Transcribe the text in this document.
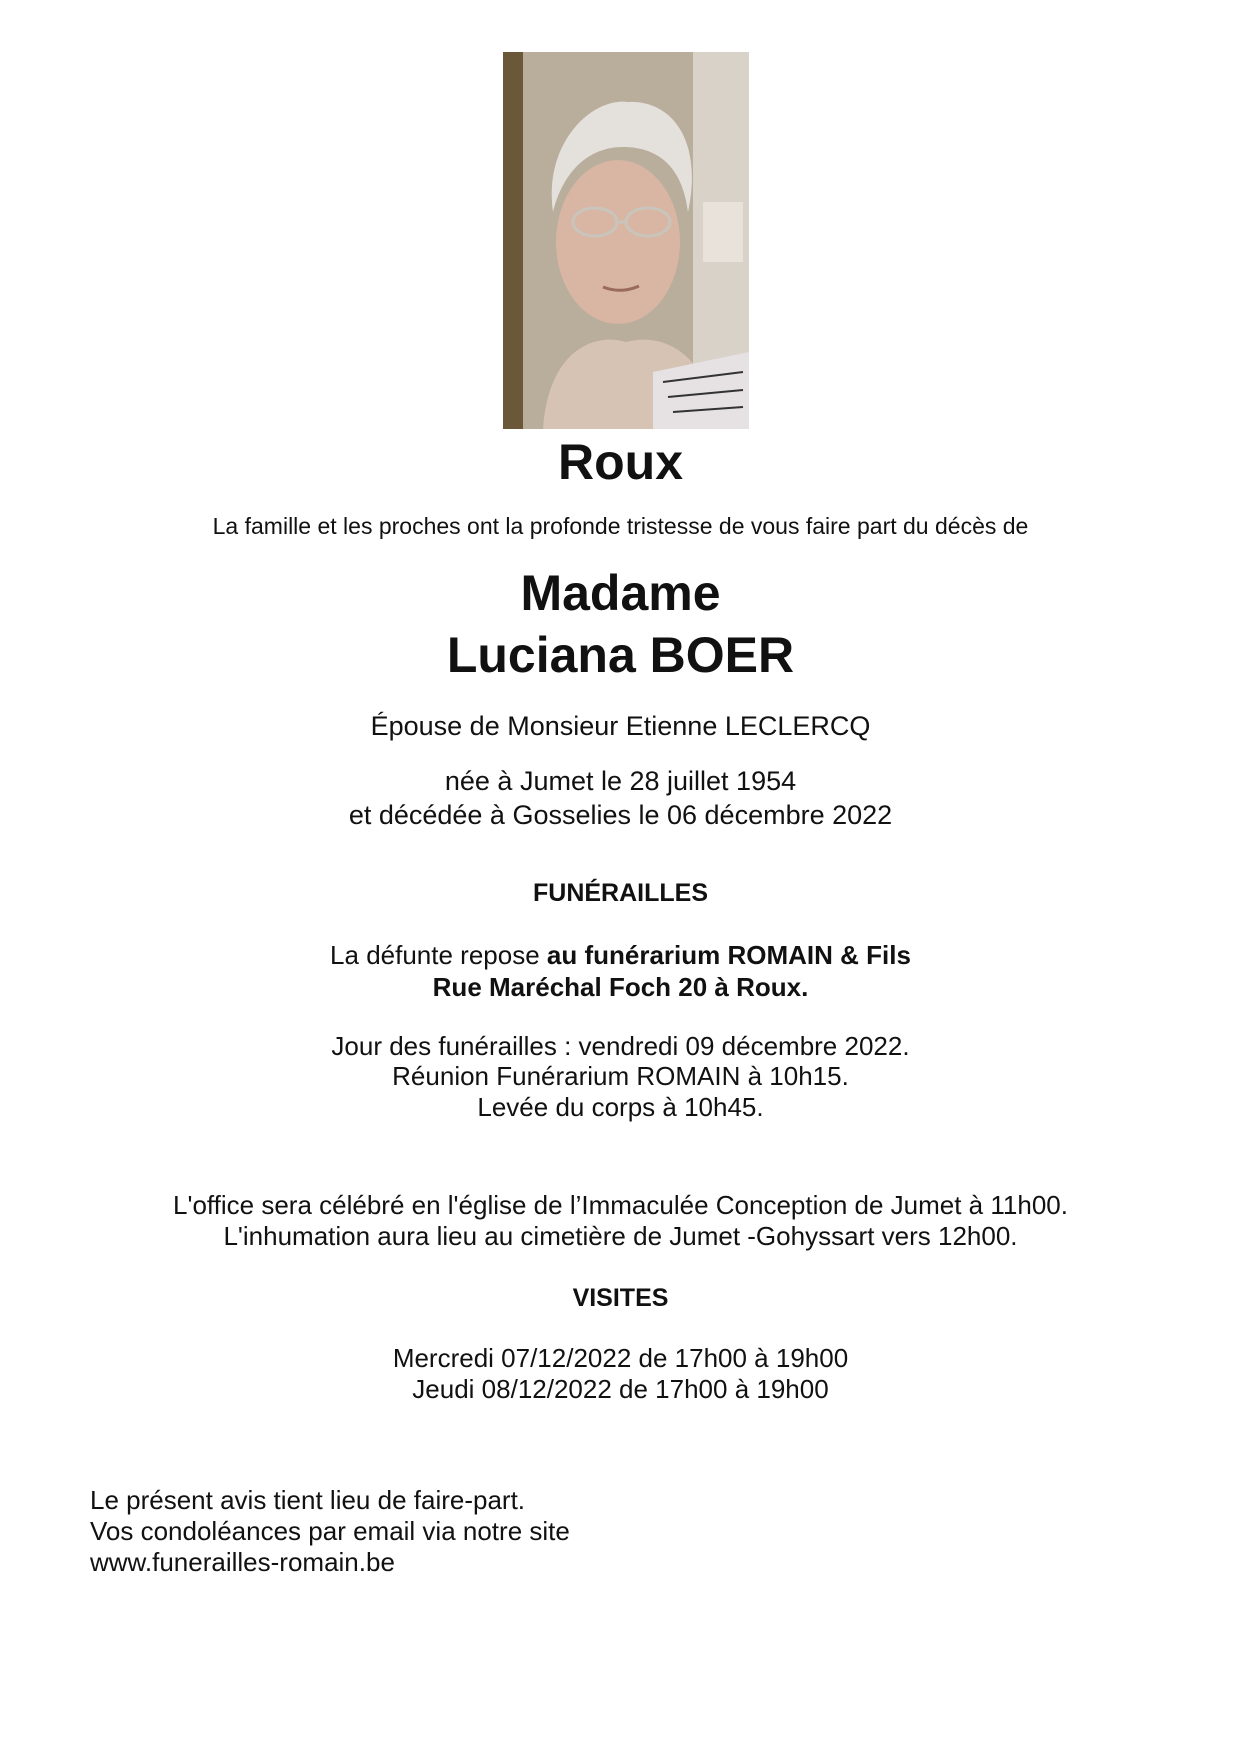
Roux
La famille et les proches ont la profonde tristesse de vous faire part du décès de
Madame
Luciana BOER
Épouse de Monsieur Etienne LECLERCQ
née à Jumet le 28 juillet 1954
et décédée à Gosselies le 06 décembre 2022
FUNÉRAILLES
La défunte repose au funérarium ROMAIN & Fils
Rue Maréchal Foch 20 à Roux.
Jour des funérailles : vendredi 09 décembre 2022.
Réunion Funérarium ROMAIN à 10h15.
Levée du corps à 10h45.
L'office sera célébré en l'église de l’Immaculée Conception de Jumet à 11h00.
L'inhumation aura lieu au cimetière de Jumet -Gohyssart vers 12h00.
VISITES
Mercredi 07/12/2022 de 17h00 à 19h00
Jeudi 08/12/2022 de 17h00 à 19h00
Le présent avis tient lieu de faire-part.
Vos condoléances par email via notre site
www.funerailles-romain.be
